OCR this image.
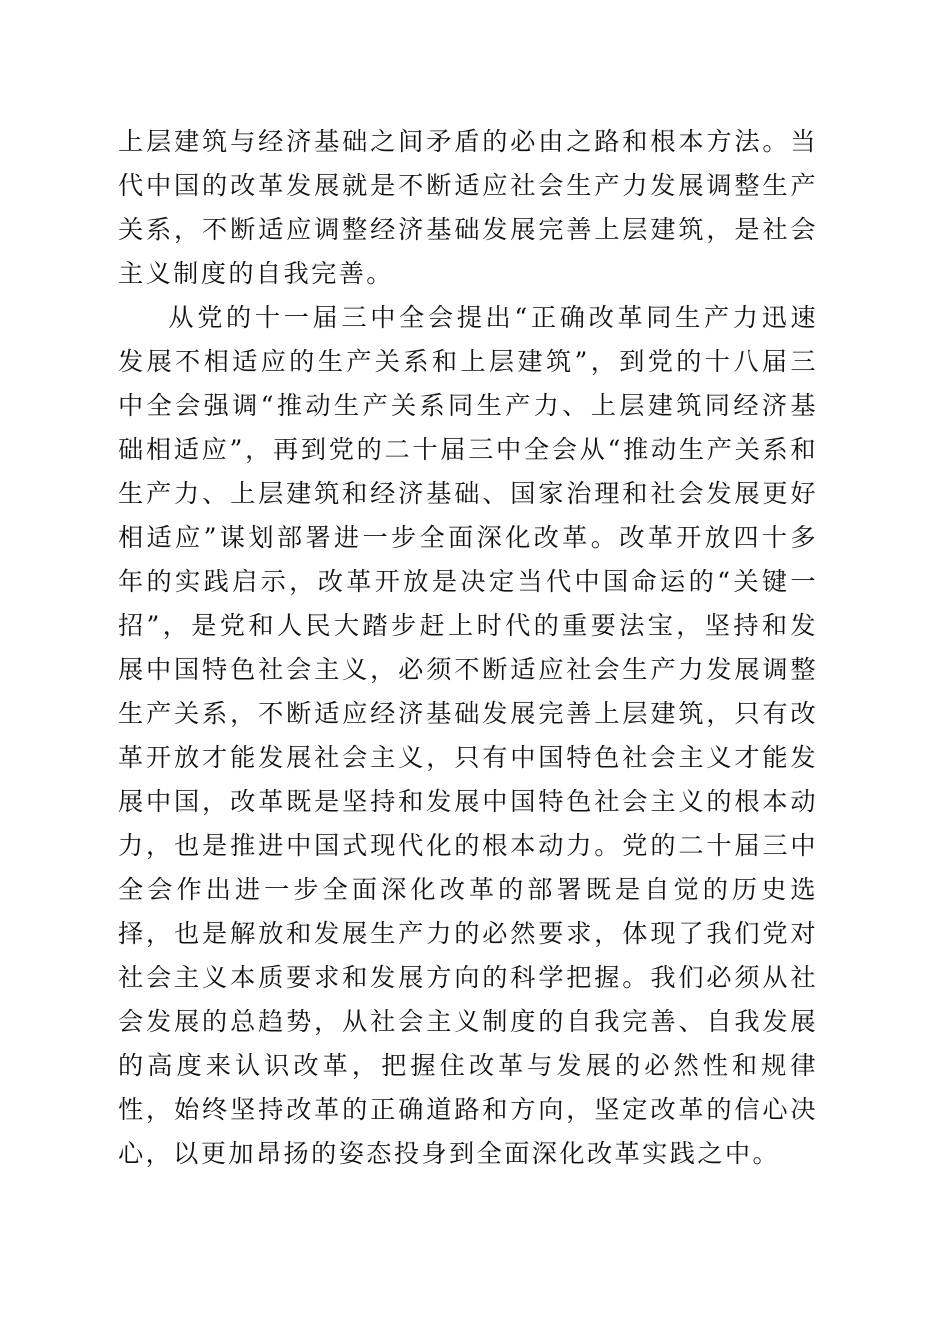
上层建筑与经济基础之间矛盾的必由之路和根本方法。当代中国的改革发展就是不断适应社会生产力发展调整生产关系，不断适应调整经济基础发展完善上层建筑，是社会主义制度的自我完善。

从党的十一届三中全会提出“正确改革同生产力迅速发展不相适应的生产关系和上层建筑”，到党的十八届三中全会强调“推动生产关系同生产力、上层建筑同经济基础相适应”，再到党的二十届三中全会从“推动生产关系和生产力、上层建筑和经济基础、国家治理和社会发展更好相适应”谋划部署进一步全面深化改革。改革开放四十多年的实践启示，改革开放是决定当代中国命运的“关键一招”，是党和人民大踏步赶上时代的重要法宝，坚持和发展中国特色社会主义，必须不断适应社会生产力发展调整生产关系，不断适应经济基础发展完善上层建筑，只有改革开放才能发展社会主义，只有中国特色社会主义才能发展中国，改革既是坚持和发展中国特色社会主义的根本动力，也是推进中国式现代化的根本动力。党的二十届三中全会作出进一步全面深化改革的部署既是自觉的历史选择，也是解放和发展生产力的必然要求，体现了我们党对社会主义本质要求和发展方向的科学把握。我们必须从社会发展的总趋势，从社会主义制度的自我完善、自我发展的高度来认识改革，把握住改革与发展的必然性和规律性，始终坚持改革的正确道路和方向，坚定改革的信心决心，以更加昂扬的姿态投身到全面深化改革实践之中。
